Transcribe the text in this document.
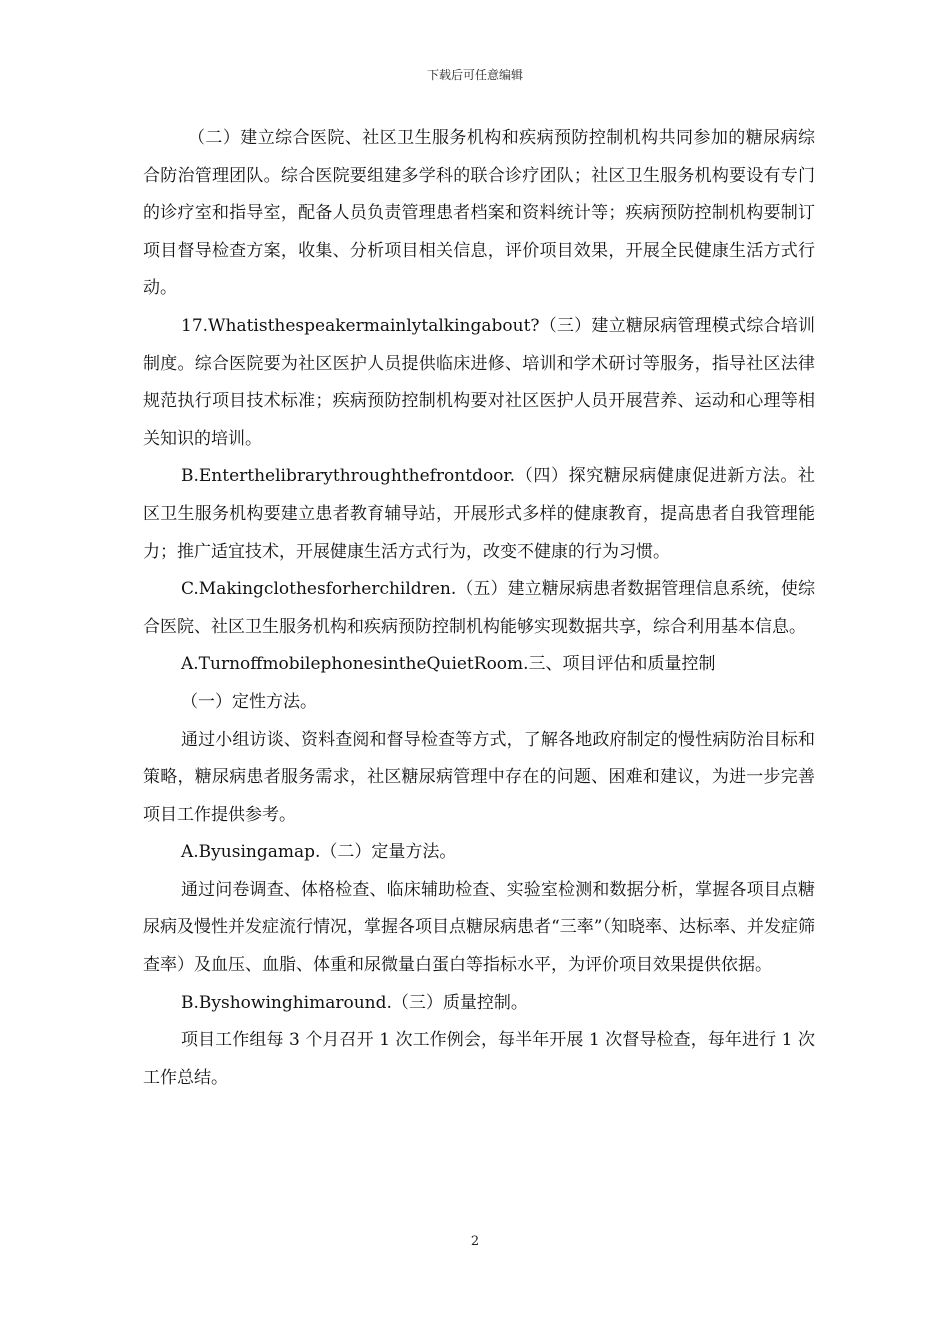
下载后可任意编辑

（二）建立综合医院、社区卫生服务机构和疾病预防控制机构共同参加的糖尿病综合防治管理团队。综合医院要组建多学科的联合诊疗团队；社区卫生服务机构要设有专门的诊疗室和指导室，配备人员负责管理患者档案和资料统计等；疾病预防控制机构要制订项目督导检查方案，收集、分析项目相关信息，评价项目效果，开展全民健康生活方式行动。

17.Whatisthespeakermainlytalkingabout?（三）建立糖尿病管理模式综合培训制度。综合医院要为社区医护人员提供临床进修、培训和学术研讨等服务，指导社区法律规范执行项目技术标准；疾病预防控制机构要对社区医护人员开展营养、运动和心理等相关知识的培训。

B.Enterthelibrarythroughthefrontdoor.（四）探究糖尿病健康促进新方法。社区卫生服务机构要建立患者教育辅导站，开展形式多样的健康教育，提高患者自我管理能力；推广适宜技术，开展健康生活方式行为，改变不健康的行为习惯。

C.Makingclothesforherchildren.（五）建立糖尿病患者数据管理信息系统，使综合医院、社区卫生服务机构和疾病预防控制机构能够实现数据共享，综合利用基本信息。

A.TurnoffmobilephonesintheQuietRoom.三、项目评估和质量控制

（一）定性方法。

通过小组访谈、资料查阅和督导检查等方式，了解各地政府制定的慢性病防治目标和策略，糖尿病患者服务需求，社区糖尿病管理中存在的问题、困难和建议，为进一步完善项目工作提供参考。

A.Byusingamap.（二）定量方法。

通过问卷调查、体格检查、临床辅助检查、实验室检测和数据分析，掌握各项目点糖尿病及慢性并发症流行情况，掌握各项目点糖尿病患者“三率”（知晓率、达标率、并发症筛查率）及血压、血脂、体重和尿微量白蛋白等指标水平，为评价项目效果提供依据。

B.Byshowinghimaround.（三）质量控制。

项目工作组每 3 个月召开 1 次工作例会，每半年开展 1 次督导检查，每年进行 1 次工作总结。

2
